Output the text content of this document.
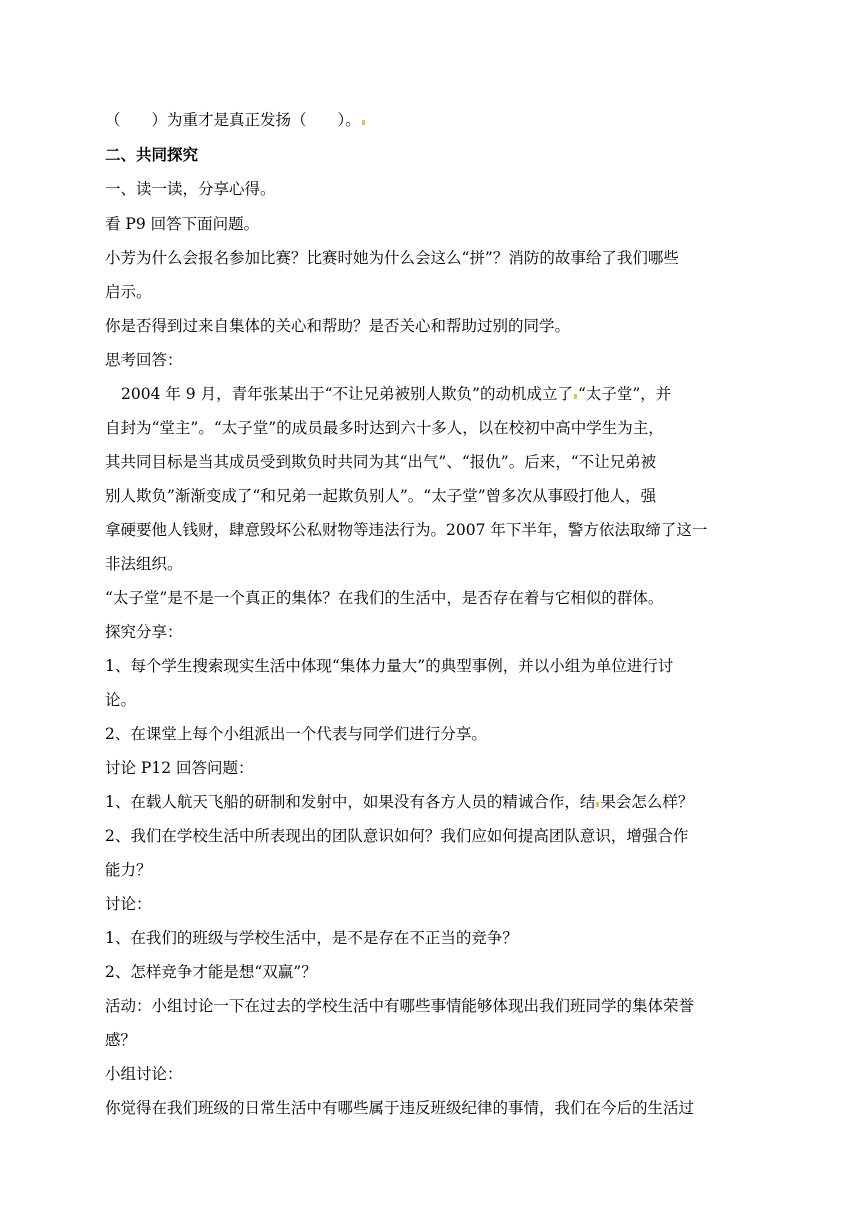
（　　）为重才是真正发扬（　　）。
二、共同探究
一、读一读，分享心得。
看 P9 回答下面问题。
小芳为什么会报名参加比赛？比赛时她为什么会这么“拼”？消防的故事给了我们哪些
启示。
你是否得到过来自集体的关心和帮助？是否关心和帮助过别的同学。
思考回答：
2004 年 9 月，青年张某出于“不让兄弟被别人欺负”的动机成立了 “太子堂”，并
自封为“堂主”。“太子堂”的成员最多时达到六十多人，以在校初中高中学生为主，
其共同目标是当其成员受到欺负时共同为其“出气”、“报仇”。后来，“不让兄弟被
别人欺负”渐渐变成了“和兄弟一起欺负别人”。“太子堂”曾多次从事殴打他人，强
拿硬要他人钱财，肆意毁坏公私财物等违法行为。2007 年下半年，警方依法取缔了这一
非法组织。
“太子堂”是不是一个真正的集体？在我们的生活中，是否存在着与它相似的群体。
探究分享：
1、每个学生搜索现实生活中体现“集体力量大”的典型事例，并以小组为单位进行讨
论。
2、在课堂上每个小组派出一个代表与同学们进行分享。
讨论 P12 回答问题：
1、在载人航天飞船的研制和发射中，如果没有各方人员的精诚合作，结 果会怎么样？
2、我们在学校生活中所表现出的团队意识如何？我们应如何提高团队意识，增强合作
能力？
讨论：
1、在我们的班级与学校生活中，是不是存在不正当的竞争？
2、怎样竞争才能是想“双赢”？
活动：小组讨论一下在过去的学校生活中有哪些事情能够体现出我们班同学的集体荣誉
感？
小组讨论：
你觉得在我们班级的日常生活中有哪些属于违反班级纪律的事情，我们在今后的生活过
